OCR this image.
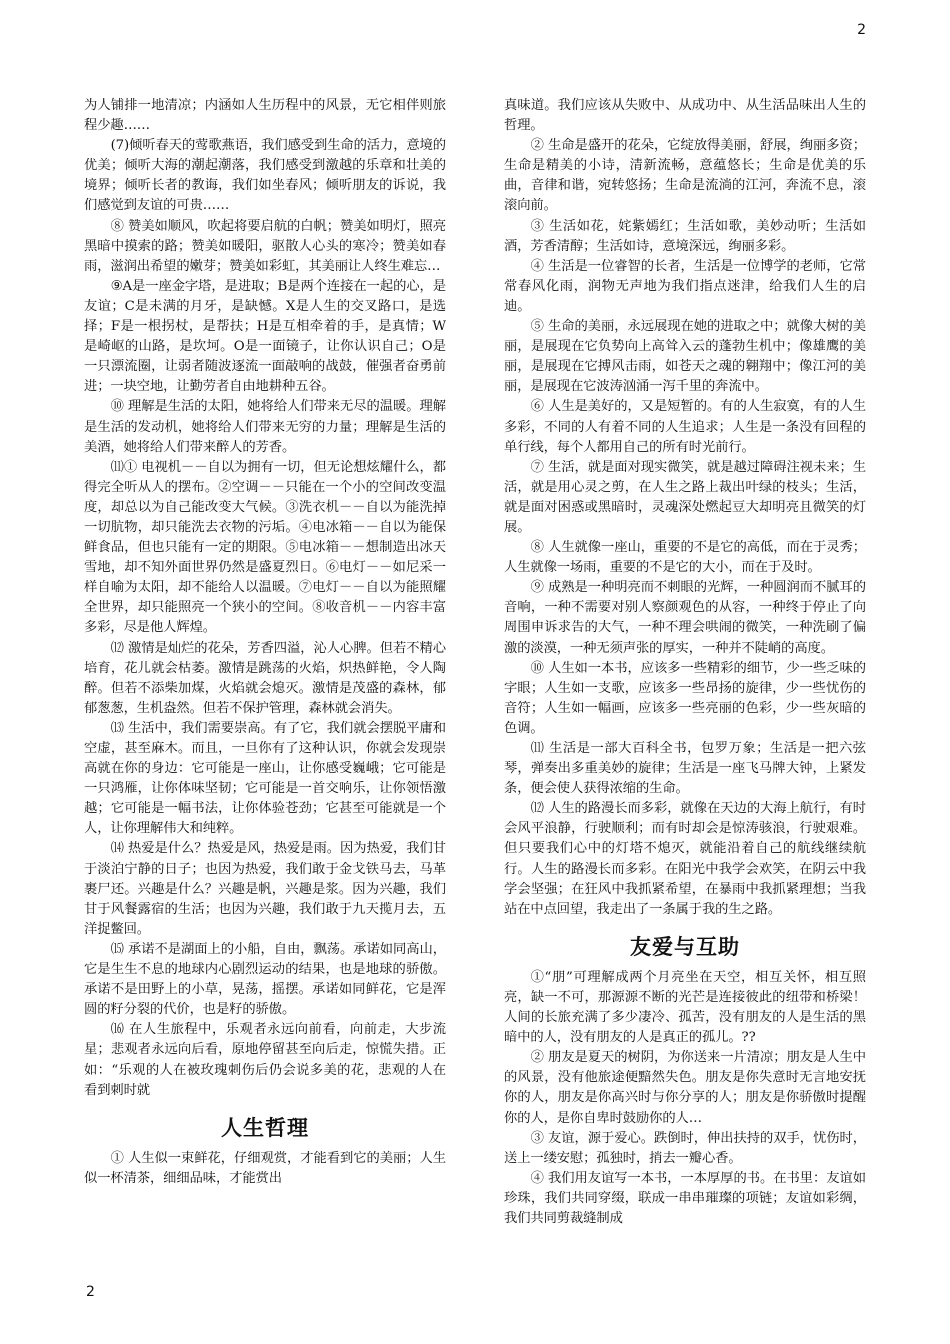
2

为人铺排一地清凉；内涵如人生历程中的风景，无它相伴则旅程少趣……

(7)倾听春天的莺歌燕语，我们感受到生命的活力，意境的优美；倾听大海的潮起潮落，我们感受到激越的乐章和壮美的境界；倾听长者的教诲，我们如坐春风；倾听朋友的诉说，我们感觉到友谊的可贵……

⑧ 赞美如顺风，吹起将要启航的白帆；赞美如明灯，照亮黑暗中摸索的路；赞美如暖阳，驱散人心头的寒冷；赞美如春雨，滋润出希望的嫩芽；赞美如彩虹，其美丽让人终生难忘…

⑨A是一座金字塔，是进取；B是两个连接在一起的心，是友谊；C是未满的月牙，是缺憾。X是人生的交叉路口，是选择；F是一根拐杖，是帮扶；H是互相牵着的手，是真情；W是崎岖的山路，是坎坷。O是一面镜子，让你认识自己；O是一只漂流圈，让弱者随波逐流一面敲响的战鼓，催强者奋勇前进；一块空地，让勤劳者自由地耕种五谷。

⑩ 理解是生活的太阳，她将给人们带来无尽的温暖。理解是生活的发动机，她将给人们带来无穷的力量；理解是生活的美酒，她将给人们带来醉人的芳香。

⑾① 电视机－－自以为拥有一切，但无论想炫耀什么，都得完全听从人的摆布。②空调－－只能在一个小的空间改变温度，却总以为自己能改变大气候。③洗衣机－－自以为能洗掉一切肮物，却只能洗去衣物的污垢。④电冰箱－－自以为能保鲜食品，但也只能有一定的期限。⑤电冰箱－－想制造出冰天雪地，却不知外面世界仍然是盛夏烈日。⑥电灯－－如尼采一样自喻为太阳，却不能给人以温暖。⑦电灯－－自以为能照耀全世界，却只能照亮一个狭小的空间。⑧收音机－－内容丰富多彩，尽是他人辉煌。

⑿ 激情是灿烂的花朵，芳香四溢，沁人心脾。但若不精心培育，花儿就会枯萎。激情是跳荡的火焰，炽热鲜艳，令人陶醉。但若不添柴加煤，火焰就会熄灭。激情是茂盛的森林，郁郁葱葱，生机盎然。但若不保护管理，森林就会消失。

⒀ 生活中，我们需要崇高。有了它，我们就会摆脱平庸和空虚，甚至麻木。而且，一旦你有了这种认识，你就会发现崇高就在你的身边：它可能是一座山，让你感受巍峨；它可能是一只鸿雁，让你体味坚韧；它可能是一首交响乐，让你领悟激越；它可能是一幅书法，让你体验苍劲；它甚至可能就是一个人，让你理解伟大和纯粹。

⒁ 热爱是什么？热爱是风，热爱是雨。因为热爱，我们甘于淡泊宁静的日子；也因为热爱，我们敢于金戈铁马去，马革裹尸还。兴趣是什么？兴趣是帆，兴趣是浆。因为兴趣，我们甘于风餐露宿的生活；也因为兴趣，我们敢于九天揽月去，五洋捉鳖回。

⒂ 承诺不是湖面上的小船，自由，飘荡。承诺如同高山，它是生生不息的地球内心剧烈运动的结果，也是地球的骄傲。承诺不是田野上的小草，晃荡，摇摆。承诺如同鲜花，它是浑圆的籽分裂的代价，也是籽的骄傲。

⒃ 在人生旅程中，乐观者永远向前看，向前走，大步流星；悲观者永远向后看，原地停留甚至向后走，惊慌失措。正如：“乐观的人在被玫瑰刺伤后仍会说多美的花，悲观的人在看到刺时就

人生哲理

① 人生似一束鲜花，仔细观赏，才能看到它的美丽；人生似一杯清茶，细细品味，才能赏出

真味道。我们应该从失败中、从成功中、从生活品味出人生的哲理。

② 生命是盛开的花朵，它绽放得美丽，舒展，绚丽多资；生命是精美的小诗，清新流畅，意蕴悠长；生命是优美的乐曲，音律和谐，宛转悠扬；生命是流淌的江河，奔流不息，滚滚向前。

③ 生活如花，姹紫嫣红；生活如歌，美妙动听；生活如酒，芳香清醇；生活如诗，意境深远，绚丽多彩。

④ 生活是一位睿智的长者，生活是一位博学的老师，它常常春风化雨，润物无声地为我们指点迷津，给我们人生的启迪。

⑤ 生命的美丽，永远展现在她的进取之中；就像大树的美丽，是展现在它负势向上高耸入云的蓬勃生机中；像雄鹰的美丽，是展现在它搏风击雨，如苍天之魂的翱翔中；像江河的美丽，是展现在它波涛汹涌一泻千里的奔流中。

⑥ 人生是美好的，又是短暂的。有的人生寂寞，有的人生多彩，不同的人有着不同的人生追求；人生是一条没有回程的单行线，每个人都用自己的所有时光前行。

⑦ 生活，就是面对现实微笑，就是越过障碍注视未来；生活，就是用心灵之剪，在人生之路上裁出叶绿的枝头；生活，就是面对困惑或黑暗时，灵魂深处燃起豆大却明亮且微笑的灯展。

⑧ 人生就像一座山，重要的不是它的高低，而在于灵秀；人生就像一场雨，重要的不是它的大小，而在于及时。

⑨ 成熟是一种明亮而不刺眼的光辉，一种圆润而不腻耳的音响，一种不需要对别人察颜观色的从容，一种终于停止了向周围申诉求告的大气，一种不理会哄闹的微笑，一种洗刷了偏激的淡漠，一种无须声张的厚实，一种并不陡峭的高度。

⑩ 人生如一本书，应该多一些精彩的细节，少一些乏味的字眼；人生如一支歌，应该多一些昂扬的旋律，少一些忧伤的音符；人生如一幅画，应该多一些亮丽的色彩，少一些灰暗的色调。

⑾ 生活是一部大百科全书，包罗万象；生活是一把六弦琴，弹奏出多重美妙的旋律；生活是一座飞马牌大钟，上紧发条，便会使人获得浓缩的生命。

⑿ 人生的路漫长而多彩，就像在天边的大海上航行，有时会风平浪静，行驶顺利；而有时却会是惊涛骇浪，行驶艰难。但只要我们心中的灯塔不熄灭，就能沿着自己的航线继续航行。人生的路漫长而多彩。在阳光中我学会欢笑，在阴云中我学会坚强；在狂风中我抓紧希望，在暴雨中我抓紧理想；当我站在中点回望，我走出了一条属于我的生之路。

友爱与互助

①“朋”可理解成两个月亮坐在天空，相互关怀，相互照亮，缺一不可，那源源不断的光芒是连接彼此的纽带和桥梁！人间的长旅充满了多少凄冷、孤苦，没有朋友的人是生活的黑暗中的人，没有朋友的人是真正的孤儿。??

② 朋友是夏天的树阴，为你送来一片清凉；朋友是人生中的风景，没有他旅途便黯然失色。朋友是你失意时无言地安抚你的人，朋友是你高兴时与你分享的人；朋友是你骄傲时提醒你的人，是你自卑时鼓励你的人…

③ 友谊，源于爱心。跌倒时，伸出扶持的双手，忧伤时，送上一缕安慰；孤独时，捎去一瓣心香。

④ 我们用友谊写一本书，一本厚厚的书。在书里：友谊如珍珠，我们共同穿缀，联成一串串璀璨的项链；友谊如彩绸，我们共同剪裁缝制成

2
